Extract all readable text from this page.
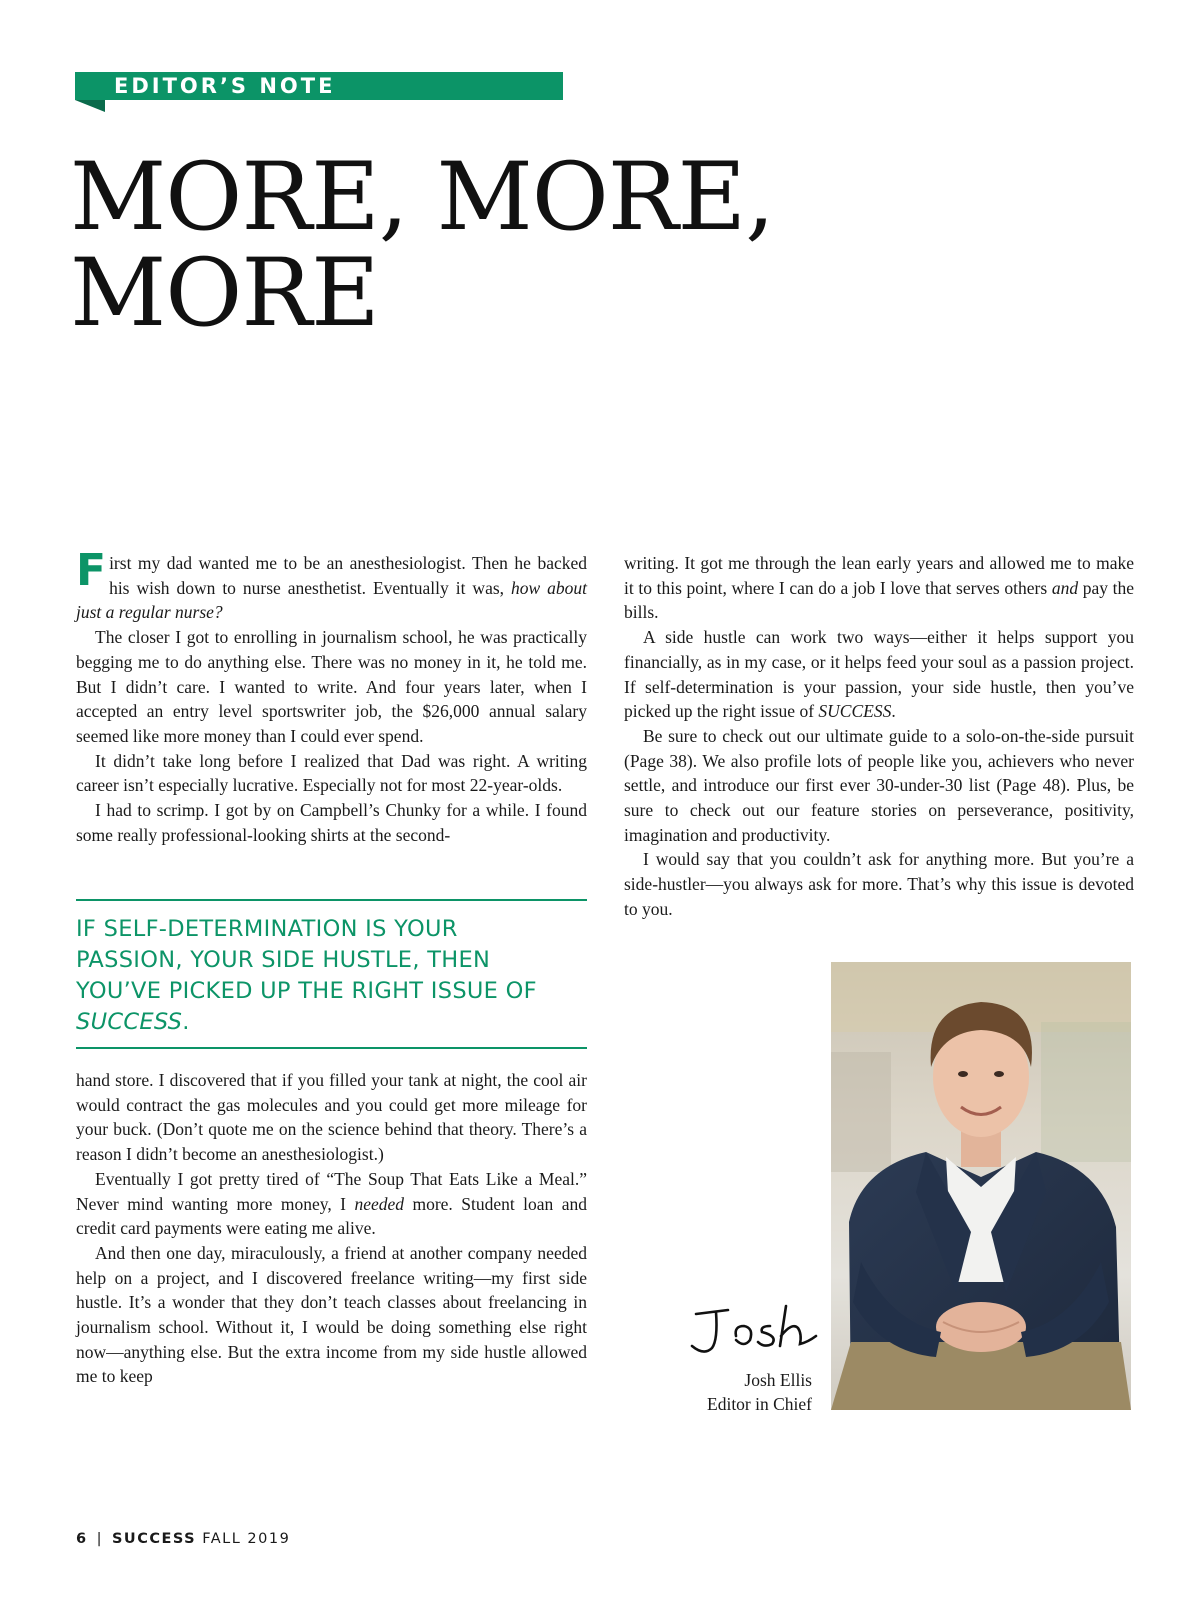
EDITOR’S NOTE
MORE, MORE,
MORE

First my dad wanted me to be an anesthesiologist. Then he backed his wish down to nurse anesthetist. Eventually it was, how about just a regular nurse?

The closer I got to enrolling in journalism school, he was practically begging me to do anything else. There was no money in it, he told me. But I didn’t care. I wanted to write. And four years later, when I accepted an entry level sportswriter job, the $26,000 annual salary seemed like more money than I could ever spend.

It didn’t take long before I realized that Dad was right. A writing career isn’t especially lucrative. Especially not for most 22-year-olds.

I had to scrimp. I got by on Campbell’s Chunky for a while. I found some really professional-looking shirts at the second-

IF SELF-DETERMINATION IS YOUR PASSION, YOUR SIDE HUSTLE, THEN YOU’VE PICKED UP THE RIGHT ISSUE OF SUCCESS.

hand store. I discovered that if you filled your tank at night, the cool air would contract the gas molecules and you could get more mileage for your buck. (Don’t quote me on the science behind that theory. There’s a reason I didn’t become an anesthesiologist.)

Eventually I got pretty tired of “The Soup That Eats Like a Meal.” Never mind wanting more money, I needed more. Student loan and credit card payments were eating me alive.

And then one day, miraculously, a friend at another company needed help on a project, and I discovered freelance writing—my first side hustle. It’s a wonder that they don’t teach classes about freelancing in journalism school. Without it, I would be doing something else right now—anything else. But the extra income from my side hustle allowed me to keep

writing. It got me through the lean early years and allowed me to make it to this point, where I can do a job I love that serves others and pay the bills.

A side hustle can work two ways—either it helps support you financially, as in my case, or it helps feed your soul as a passion project. If self-determination is your passion, your side hustle, then you’ve picked up the right issue of SUCCESS.

Be sure to check out our ultimate guide to a solo-on-the-side pursuit (Page 38). We also profile lots of people like you, achievers who never settle, and introduce our first ever 30-under-30 list (Page 48). Plus, be sure to check out our feature stories on perseverance, positivity, imagination and productivity.

I would say that you couldn’t ask for anything more. But you’re a side-hustler—you always ask for more. That’s why this issue is devoted to you.

Josh Ellis
Editor in Chief
6 | SUCCESS FALL 2019
